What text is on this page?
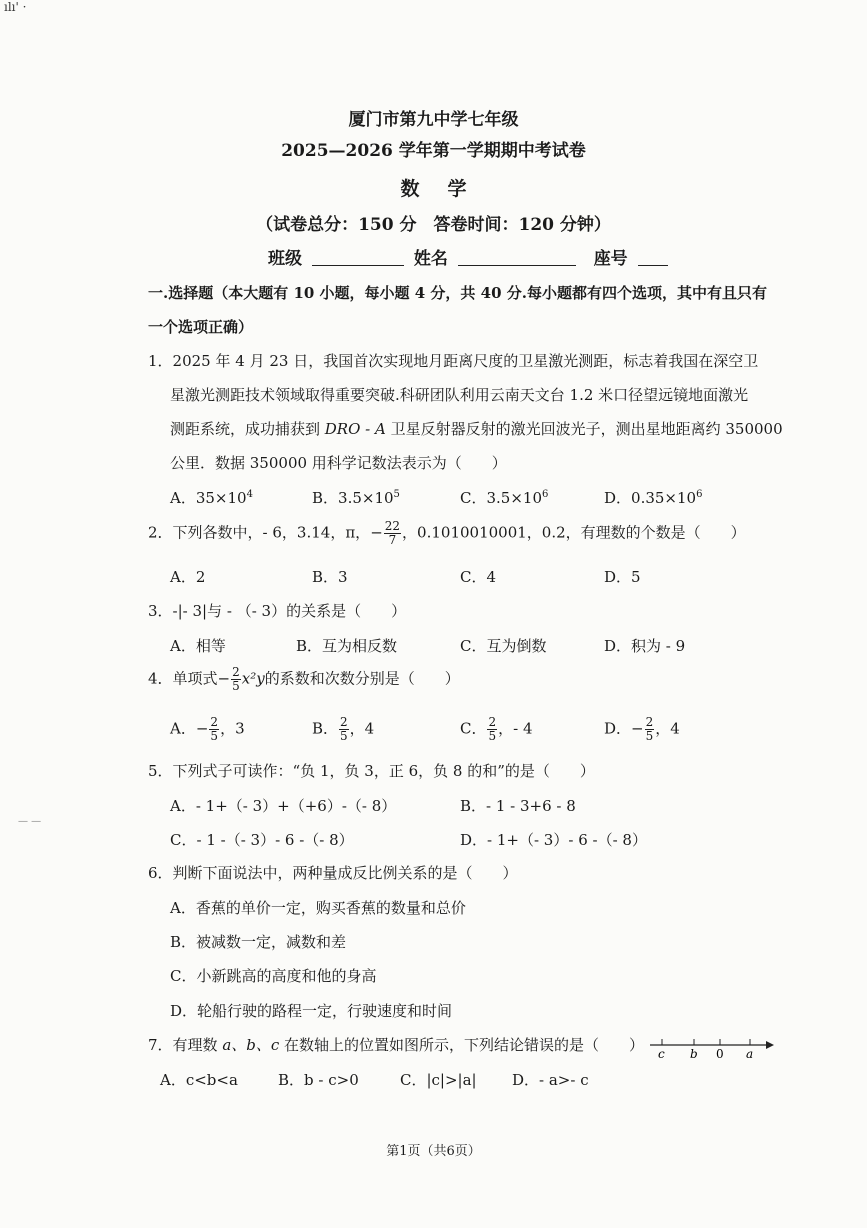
ılı' ·
厦门市第九中学七年级
2025—2026 学年第一学期期中考试卷
数学
（试卷总分：150 分　答卷时间：120 分钟）
班级	姓名	座号
一.选择题（本大题有 10 小题，每小题 4 分，共 40 分.每小题都有四个选项，其中有且只有
一个选项正确）
1．2025 年 4 月 23 日，我国首次实现地月距离尺度的卫星激光测距，标志着我国在深空卫
星激光测距技术领域取得重要突破.科研团队利用云南天文台 1.2 米口径望远镜地面激光
测距系统，成功捕获到 DRO - A 卫星反射器反射的激光回波光子，测出星地距离约 350000
公里．数据 350000 用科学记数法表示为（　　）
A．$35\times 10^4$	B．$3.5\times 10^5$	C．$3.5\times 10^6$	D．$0.35\times 10^6$
2．下列各数中，- 6，3.14，π，− $\frac{22}{7}$ ，0.1010010001，0.2，有理数的个数是（　　）
A．2	B．3	C．4	D．5
3．-|- 3|与 - （- 3）的关系是（　　）
A．相等	B．互为相反数	C．互为倒数	D．积为 - 9
4．单项式− $\frac{2}{5} x^2y$的系数和次数分别是（　　）
A．− $\frac{2}{5}$ ，3	B． $\frac{2}{5}$ ，4	C． $\frac{2}{5}$ ，- 4	D．− $\frac{2}{5}$ ，4
5．下列式子可读作：“负 1，负 3，正 6，负 8 的和”的是（　　）
A．- 1+（- 3）+（+6）-（- 8）	B．- 1 - 3+6 - 8
C．- 1 -（- 3）- 6 -（- 8）	D．- 1+（- 3）- 6 -（- 8）
— —
6．判断下面说法中，两种量成反比例关系的是（　　）
A．香蕉的单价一定，购买香蕉的数量和总价
B．被减数一定，减数和差
C．小新跳高的高度和他的身高
D．轮船行驶的路程一定，行驶速度和时间
7．有理数 a、b、c 在数轴上的位置如图所示，下列结论错误的是（　　） c b 0 a
A．c<b<a	B．b - c>0	C．|c|>|a| D．- a>- c
第1页（共6页）
